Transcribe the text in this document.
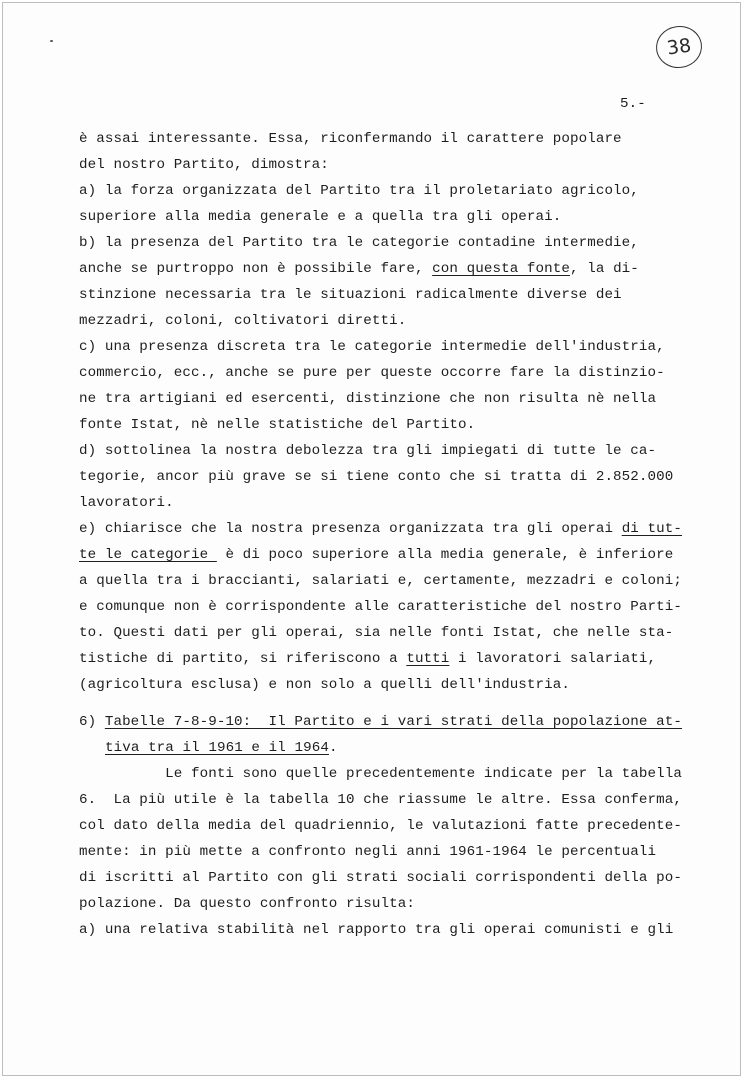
38
5.-
è assai interessante. Essa, riconfermando il carattere popolare
del nostro Partito, dimostra:
a) la forza organizzata del Partito tra il proletariato agricolo,
superiore alla media generale e a quella tra gli operai.
b) la presenza del Partito tra le categorie contadine intermedie,
anche se purtroppo non è possibile fare, con questa fonte, la di-
stinzione necessaria tra le situazioni radicalmente diverse dei
mezzadri, coloni, coltivatori diretti.
c) una presenza discreta tra le categorie intermedie dell'industria,
commercio, ecc., anche se pure per queste occorre fare la distinzio-
ne tra artigiani ed esercenti, distinzione che non risulta nè nella
fonte Istat, nè nelle statistiche del Partito.
d) sottolinea la nostra debolezza tra gli impiegati di tutte le ca-
tegorie, ancor più grave se si tiene conto che si tratta di 2.852.000
lavoratori.
e) chiarisce che la nostra presenza organizzata tra gli operai di tut-
te le categorie  è di poco superiore alla media generale, è inferiore
a quella tra i braccianti, salariati e, certamente, mezzadri e coloni;
e comunque non è corrispondente alle caratteristiche del nostro Parti-
to. Questi dati per gli operai, sia nelle fonti Istat, che nelle sta-
tistiche di partito, si riferiscono a tutti i lavoratori salariati,
(agricoltura esclusa) e non solo a quelli dell'industria.
6) Tabelle 7-8-9-10:  Il Partito e i vari strati della popolazione at-
tiva tra il 1961 e il 1964.
Le fonti sono quelle precedentemente indicate per la tabella
6.  La più utile è la tabella 10 che riassume le altre. Essa conferma,
col dato della media del quadriennio, le valutazioni fatte precedente-
mente: in più mette a confronto negli anni 1961-1964 le percentuali
di iscritti al Partito con gli strati sociali corrispondenti della po-
polazione. Da questo confronto risulta:
a) una relativa stabilità nel rapporto tra gli operai comunisti e gli
